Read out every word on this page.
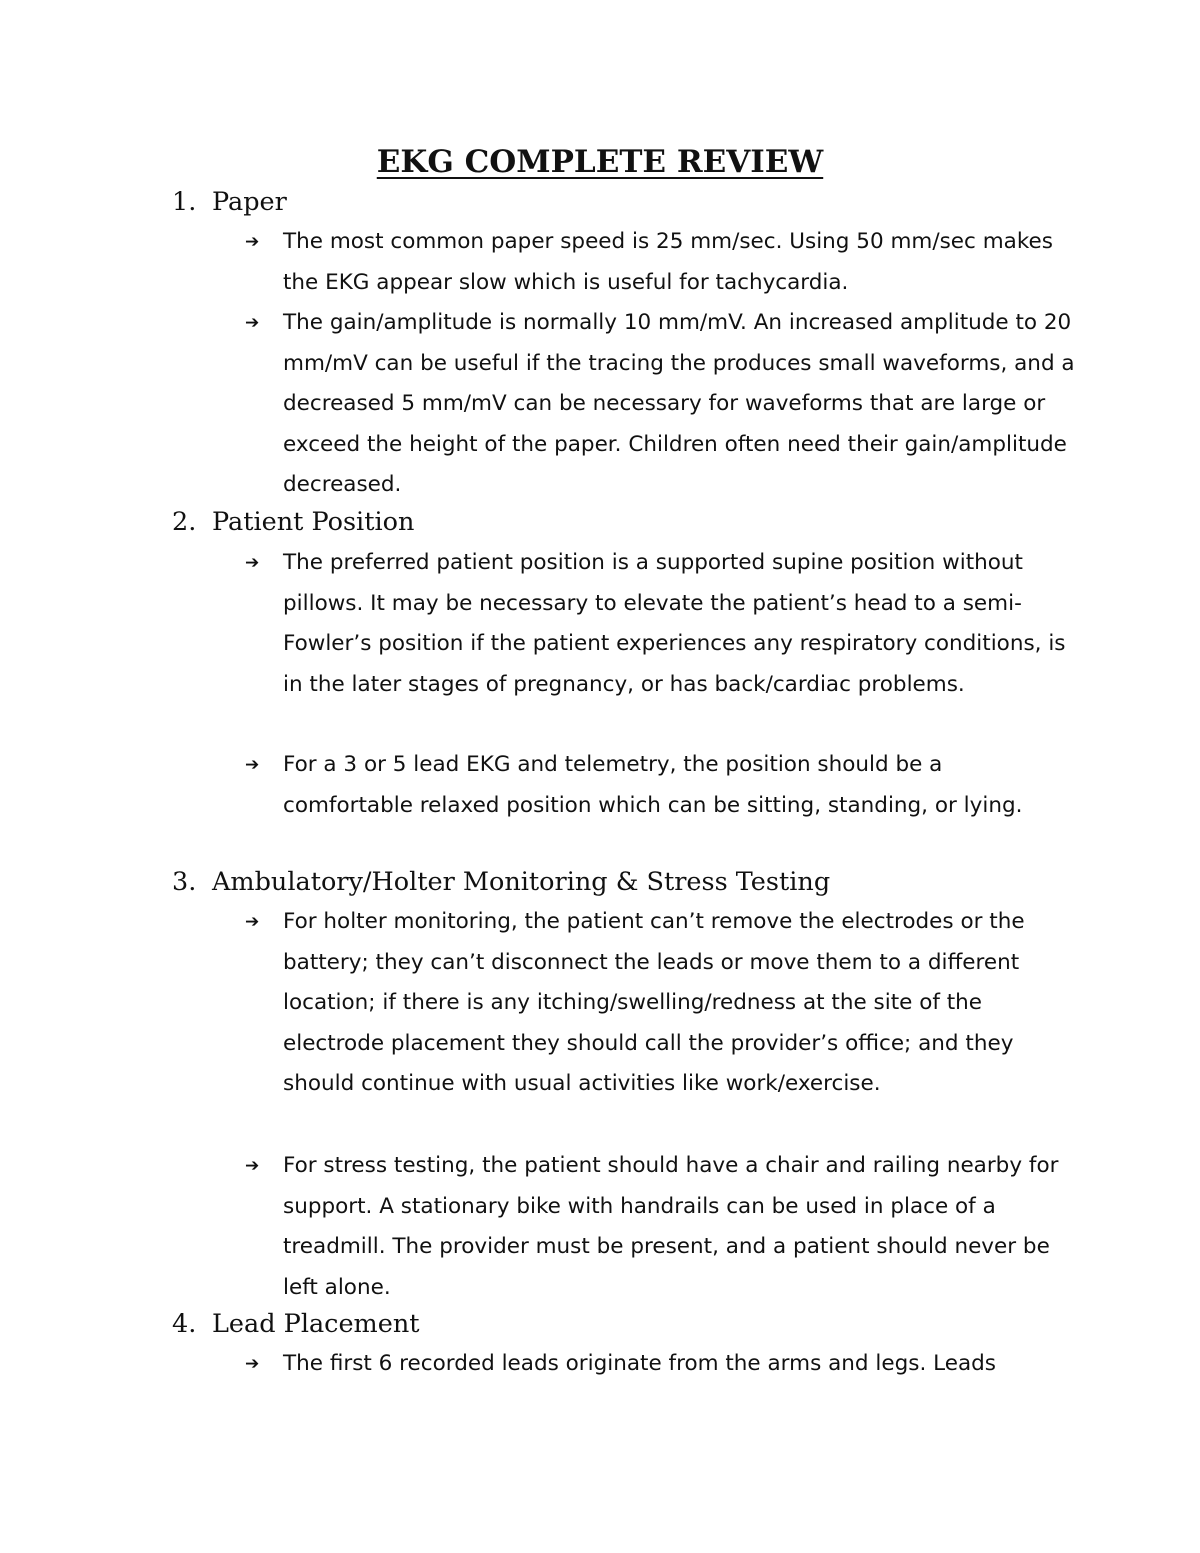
EKG COMPLETE REVIEW
1. Paper
➔	The most common paper speed is 25 mm/sec. Using 50 mm/sec makes the EKG appear slow which is useful for tachycardia.
➔	The gain/amplitude is normally 10 mm/mV. An increased amplitude to 20 mm/mV can be useful if the tracing the produces small waveforms, and a decreased 5 mm/mV can be necessary for waveforms that are large or exceed the height of the paper. Children often need their gain/amplitude decreased.
2. Patient Position
➔	The preferred patient position is a supported supine position without pillows. It may be necessary to elevate the patient’s head to a semi-Fowler’s position if the patient experiences any respiratory conditions, is in the later stages of pregnancy, or has back/cardiac problems.
➔	For a 3 or 5 lead EKG and telemetry, the position should be a comfortable relaxed position which can be sitting, standing, or lying.
3. Ambulatory/Holter Monitoring & Stress Testing
➔	For holter monitoring, the patient can’t remove the electrodes or the battery; they can’t disconnect the leads or move them to a different location; if there is any itching/swelling/redness at the site of the electrode placement they should call the provider’s office; and they should continue with usual activities like work/exercise.
➔	For stress testing, the patient should have a chair and railing nearby for support. A stationary bike with handrails can be used in place of a treadmill. The provider must be present, and a patient should never be left alone.
4. Lead Placement
➔	The first 6 recorded leads originate from the arms and legs. Leads
